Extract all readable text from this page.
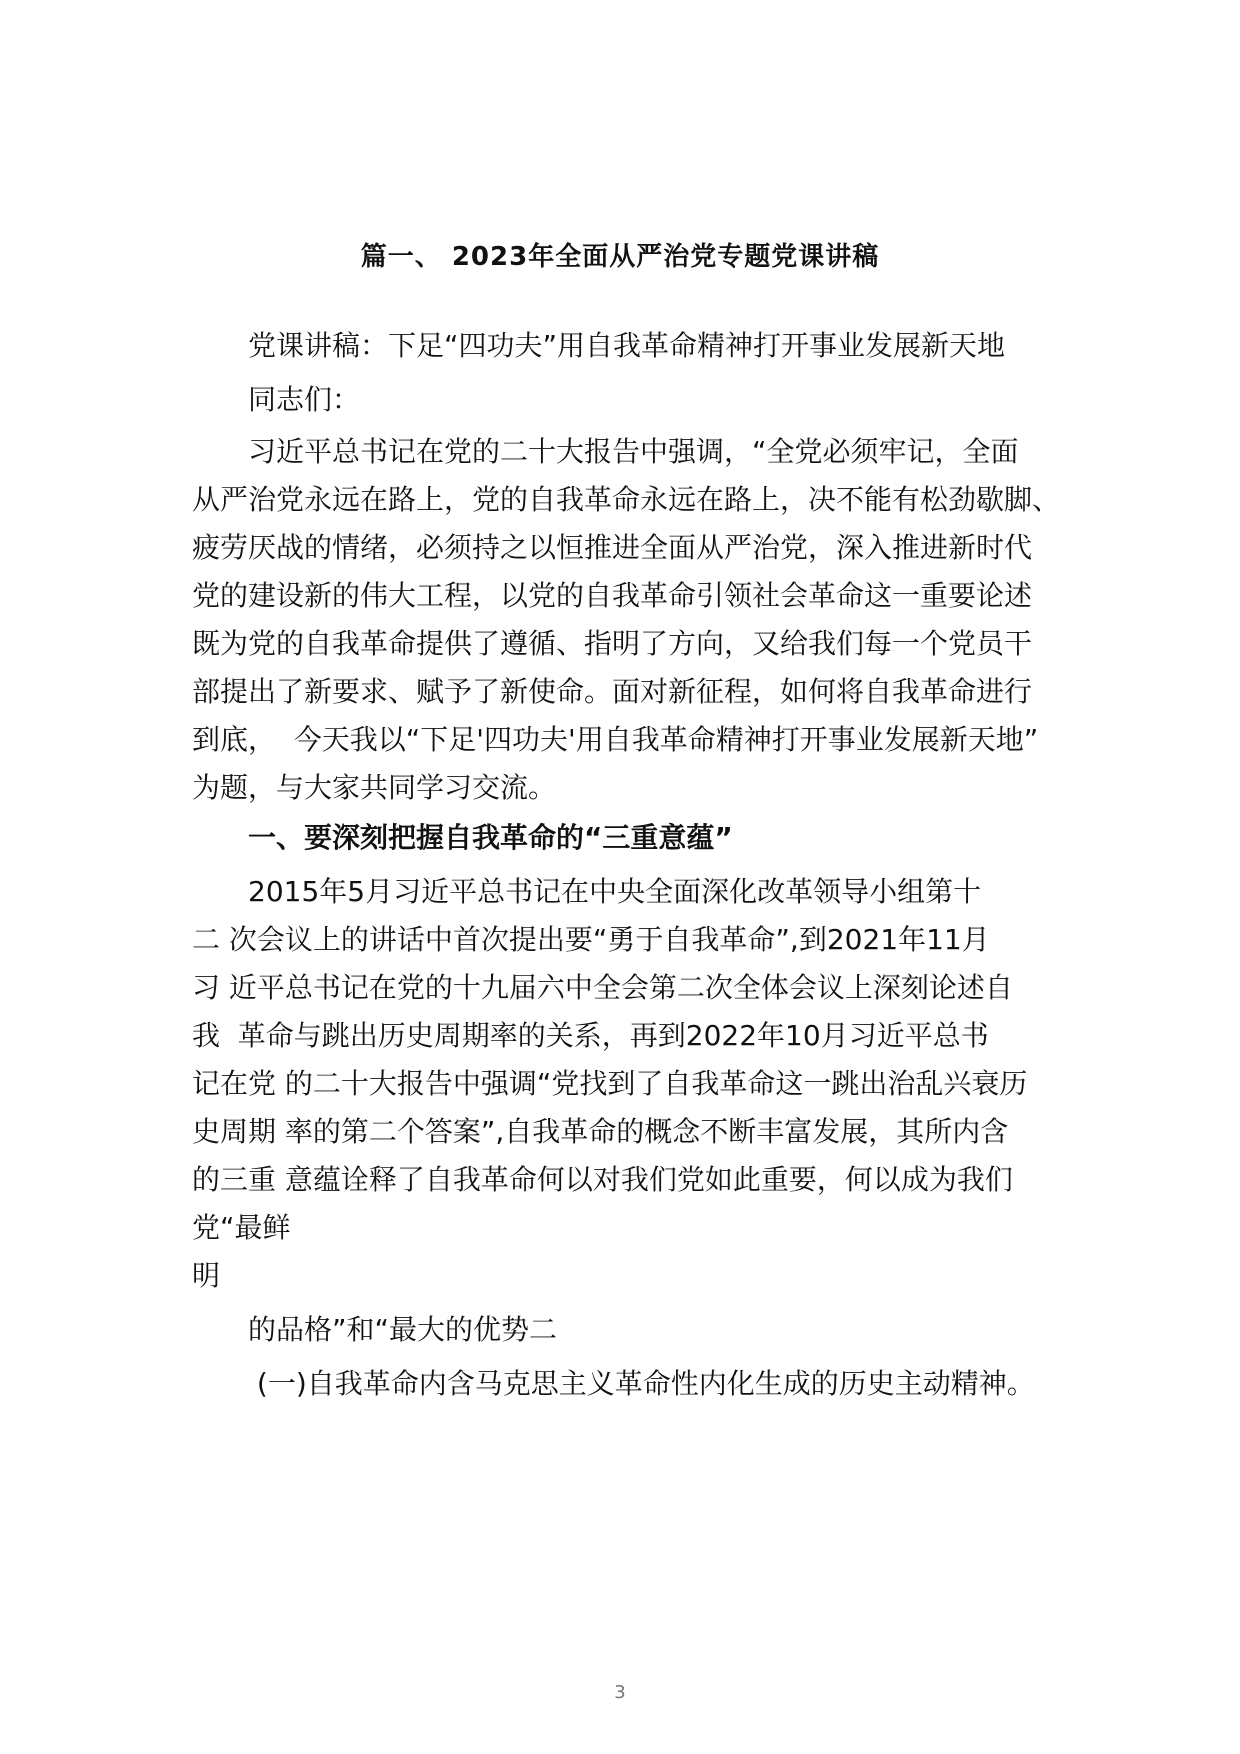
篇一、 2023年全面从严治党专题党课讲稿
党课讲稿：下足“四功夫”用自我革命精神打开事业发展新天地
同志们：
习近平总书记在党的二十大报告中强调，“全党必须牢记，全面
从严治党永远在路上，党的自我革命永远在路上，决不能有松劲歇脚、
疲劳厌战的情绪，必须持之以恒推进全面从严治党，深入推进新时代
党的建设新的伟大工程，以党的自我革命引领社会革命这一重要论述
既为党的自我革命提供了遵循、指明了方向，又给我们每一个党员干
部提出了新要求、赋予了新使命。面对新征程，如何将自我革命进行
到底，  今天我以“下足'四功夫'用自我革命精神打开事业发展新天地”
为题，与大家共同学习交流。
一、要深刻把握自我革命的“三重意蕴”
2015年5月习近平总书记在中央全面深化改革领导小组第十
二 次会议上的讲话中首次提出要“勇于自我革命”,到2021年11月
习 近平总书记在党的十九届六中全会第二次全体会议上深刻论述自
我  革命与跳出历史周期率的关系，再到2022年10月习近平总书
记在党 的二十大报告中强调“党找到了自我革命这一跳出治乱兴衰历
史周期 率的第二个答案”,自我革命的概念不断丰富发展，其所内含
的三重 意蕴诠释了自我革命何以对我们党如此重要，何以成为我们
党“最鲜
明
的品格”和“最大的优势二
(一)自我革命内含马克思主义革命性内化生成的历史主动精神。
3
